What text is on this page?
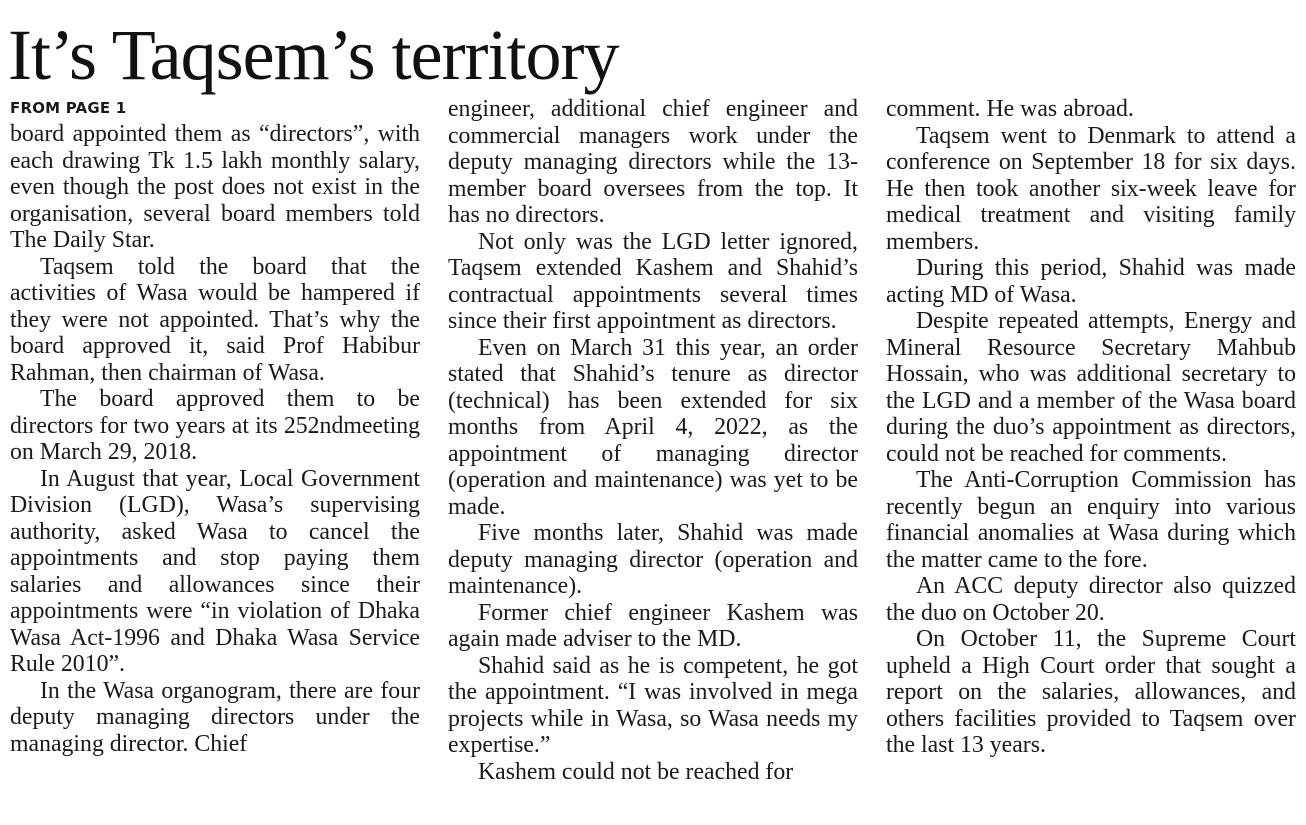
It’s Taqsem’s territory
FROM PAGE 1

board appointed them as “directors”, with each drawing Tk 1.5 lakh monthly salary, even though the post does not exist in the organisation, several board members told The Daily Star.

Taqsem told the board that the activities of Wasa would be hampered if they were not appointed. That’s why the board approved it, said Prof Habibur Rahman, then chairman of Wasa.

The board approved them to be directors for two years at its 252ndmeeting on March 29, 2018.

In August that year, Local Government Division (LGD), Wasa’s supervising authority, asked Wasa to cancel the appointments and stop paying them salaries and allowances since their appointments were “in violation of Dhaka Wasa Act-1996 and Dhaka Wasa Service Rule 2010”.

In the Wasa organogram, there are four deputy managing directors under the managing director. Chief

engineer, additional chief engineer and commercial managers work under the deputy managing directors while the 13-member board oversees from the top. It has no directors.

Not only was the LGD letter ignored, Taqsem extended Kashem and Shahid’s contractual appointments several times since their first appointment as directors.

Even on March 31 this year, an order stated that Shahid’s tenure as director (technical) has been extended for six months from April 4, 2022, as the appointment of managing director (operation and maintenance) was yet to be made.

Five months later, Shahid was made deputy managing director (operation and maintenance).

Former chief engineer Kashem was again made adviser to the MD.

Shahid said as he is competent, he got the appointment. “I was involved in mega projects while in Wasa, so Wasa needs my expertise.”

Kashem could not be reached for

comment. He was abroad.

Taqsem went to Denmark to attend a conference on September 18 for six days. He then took another six-week leave for medical treatment and visiting family members.

During this period, Shahid was made acting MD of Wasa.

Despite repeated attempts, Energy and Mineral Resource Secretary Mahbub Hossain, who was additional secretary to the LGD and a member of the Wasa board during the duo’s appointment as directors, could not be reached for comments.

The Anti-Corruption Commission has recently begun an enquiry into various financial anomalies at Wasa during which the matter came to the fore.

An ACC deputy director also quizzed the duo on October 20.

On October 11, the Supreme Court upheld a High Court order that sought a report on the salaries, allowances, and others facilities provided to Taqsem over the last 13 years.
